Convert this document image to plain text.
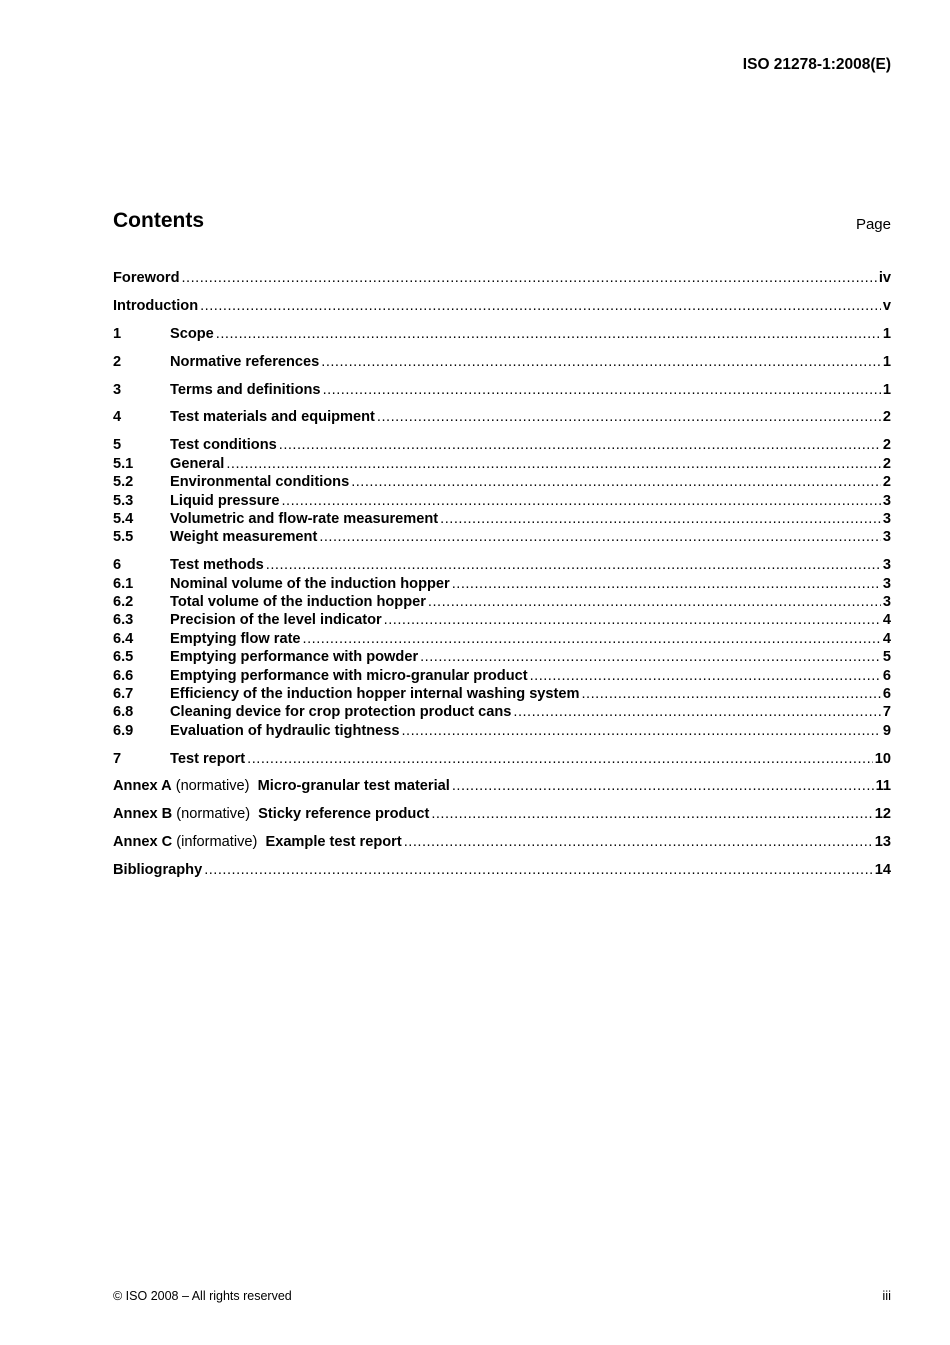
ISO 21278-1:2008(E)
Contents	Page
Foreword .....	iv
Introduction .....	v
1	Scope .....	1
2	Normative references .....	1
3	Terms and definitions .....	1
4	Test materials and equipment .....	2
5	Test conditions .....	2
5.1	General .....	2
5.2	Environmental conditions .....	2
5.3	Liquid pressure .....	3
5.4	Volumetric and flow-rate measurement .....	3
5.5	Weight measurement .....	3
6	Test methods .....	3
6.1	Nominal volume of the induction hopper .....	3
6.2	Total volume of the induction hopper .....	3
6.3	Precision of the level indicator .....	4
6.4	Emptying flow rate .....	4
6.5	Emptying performance with powder .....	5
6.6	Emptying performance with micro-granular product .....	6
6.7	Efficiency of the induction hopper internal washing system .....	6
6.8	Cleaning device for crop protection product cans .....	7
6.9	Evaluation of hydraulic tightness .....	9
7	Test report .....	10
Annex A (normative)  Micro-granular test material .....	11
Annex B (normative)  Sticky reference product .....	12
Annex C (informative)  Example test report .....	13
Bibliography .....	14
© ISO 2008 – All rights reserved	iii
